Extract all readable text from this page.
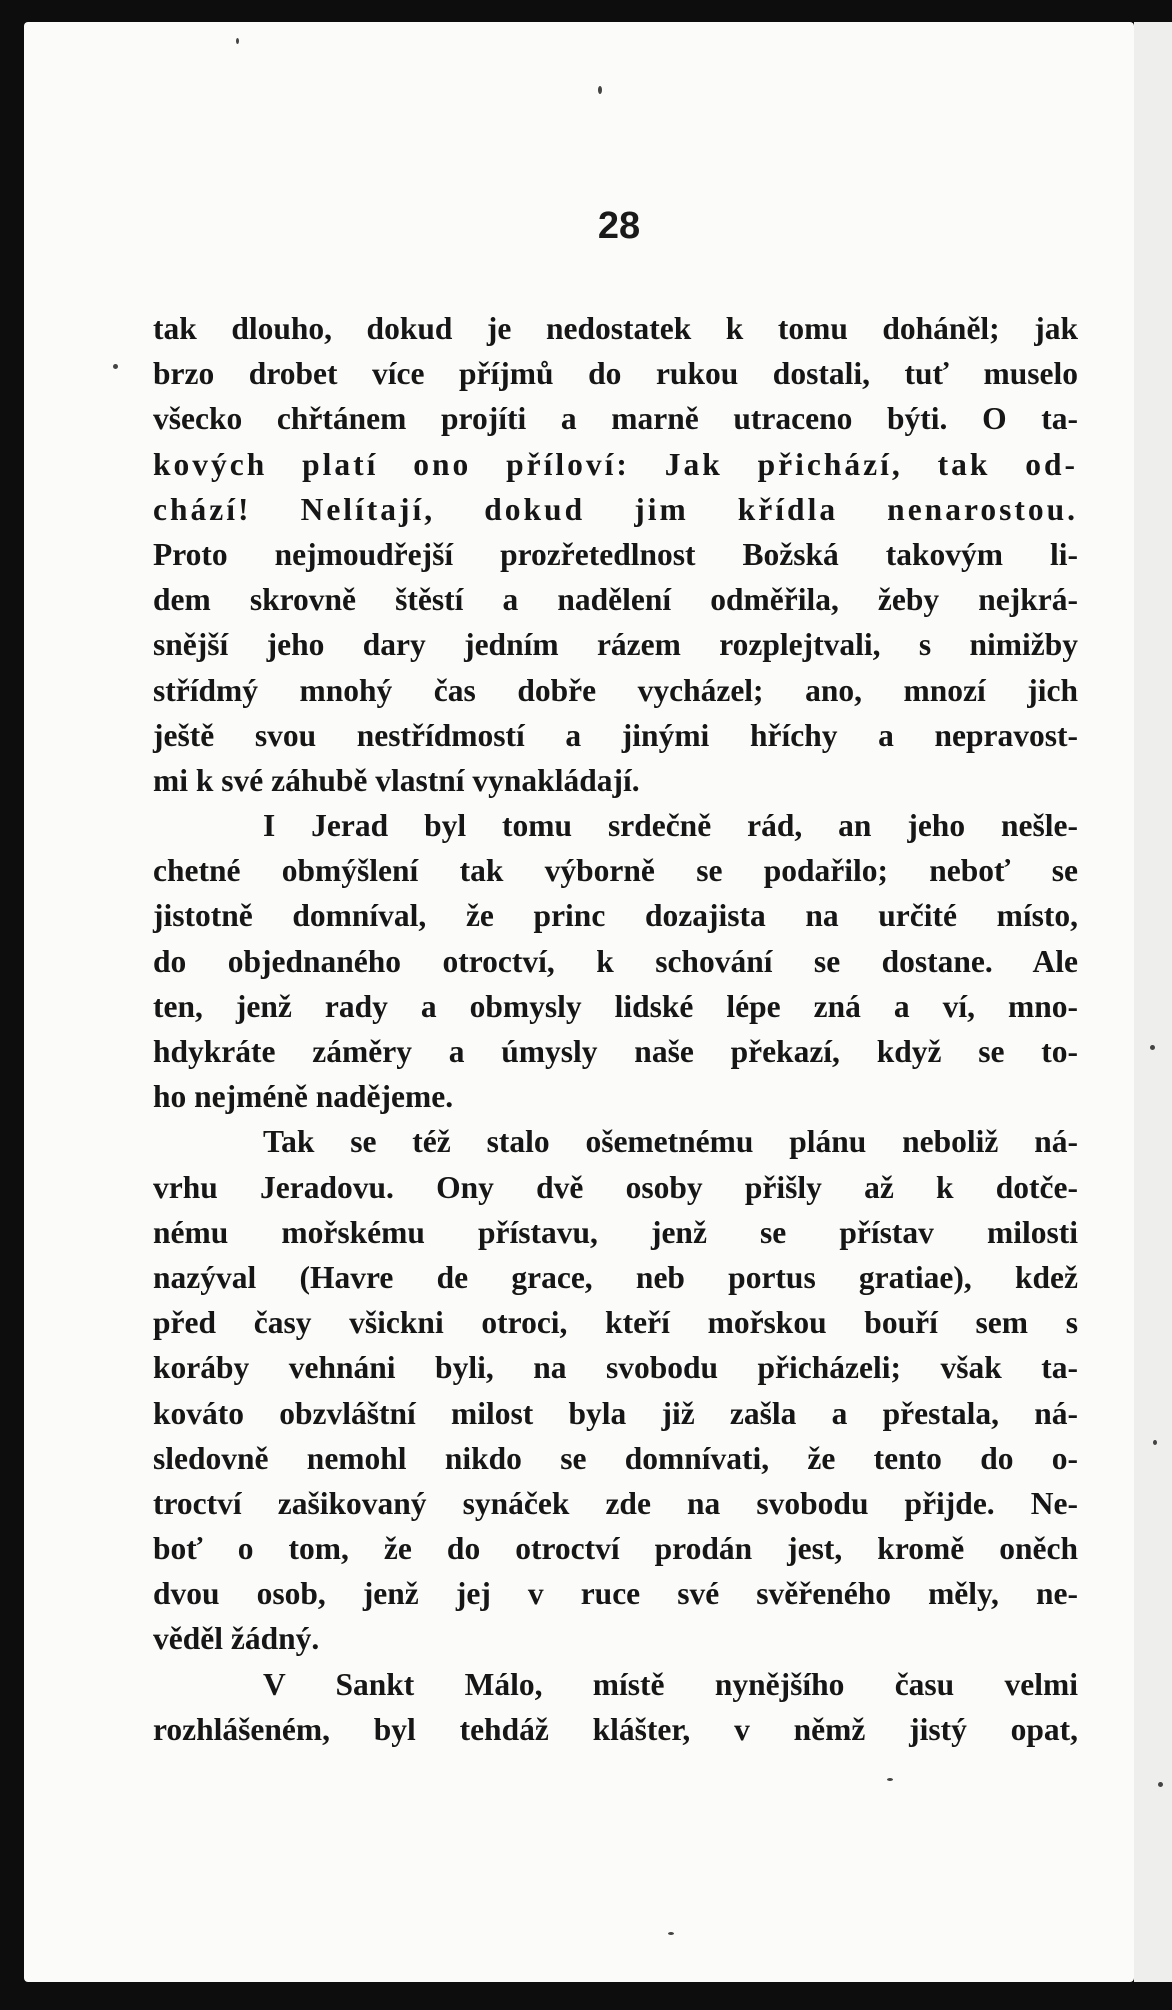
28
tak dlouho, dokud je nedostatek k tomu doháněl; jak
brzo drobet více příjmů do rukou dostali, tuť muselo
všecko chřtánem projíti a marně utraceno býti. O ta-
kových platí ono příloví: Jak přichází, tak od-
chází! Nelítají, dokud jim křídla nenarostou.
Proto nejmoudřejší prozřetedlnost Božská takovým li-
dem skrovně štěstí a nadělení odměřila, žeby nejkrá-
snější jeho dary jedním rázem rozplejtvali, s nimižby
střídmý mnohý čas dobře vycházel; ano, mnozí jich
ještě svou nestřídmostí a jinými hříchy a nepravost-
mi k své záhubě vlastní vynakládají.
I Jerad byl tomu srdečně rád, an jeho nešle-
chetné obmýšlení tak výborně se podařilo; neboť se
jistotně domníval, že princ dozajista na určité místo,
do objednaného otroctví, k schování se dostane. Ale
ten, jenž rady a obmysly lidské lépe zná a ví, mno-
hdykráte záměry a úmysly naše překazí, když se to-
ho nejméně nadějeme.
Tak se též stalo ošemetnému plánu neboliž ná-
vrhu Jeradovu. Ony dvě osoby přišly až k dotče-
nému mořskému přístavu, jenž se přístav milosti
nazýval (Havre de grace, neb portus gratiae), kdež
před časy všickni otroci, kteří mořskou bouří sem s
koráby vehnáni byli, na svobodu přicházeli; však ta-
kováto obzvláštní milost byla již zašla a přestala, ná-
sledovně nemohl nikdo se domnívati, že tento do o-
troctví zašikovaný synáček zde na svobodu přijde. Ne-
boť o tom, že do otroctví prodán jest, kromě oněch
dvou osob, jenž jej v ruce své svěřeného měly, ne-
věděl žádný.
V Sankt Málo, místě nynějšího času velmi
rozhlášeném, byl tehdáž klášter, v němž jistý opat,
